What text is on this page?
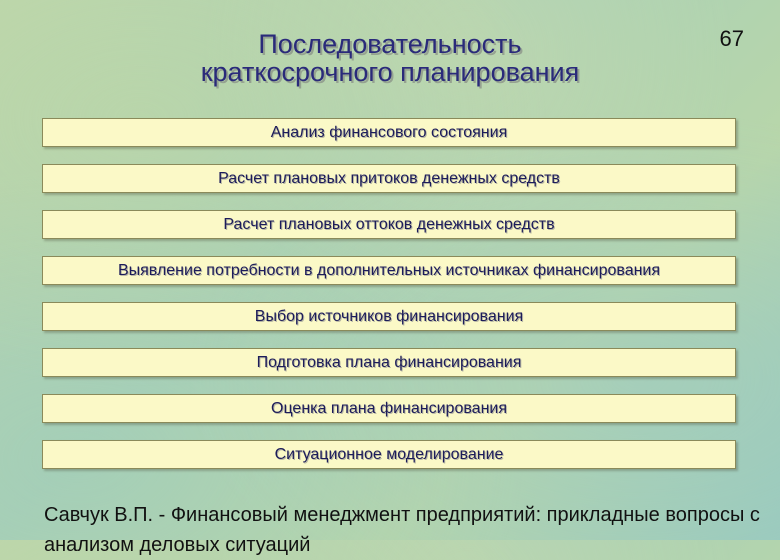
67
Последовательность
краткосрочного планирования
Анализ финансового состояния
Расчет плановых притоков денежных средств
Расчет плановых оттоков денежных средств
Выявление потребности в дополнительных источниках финансирования
Выбор источников финансирования
Подготовка плана финансирования
Оценка плана финансирования
Ситуационное моделирование
Савчук В.П. - Финансовый менеджмент предприятий: прикладные вопросы с анализом деловых ситуаций
